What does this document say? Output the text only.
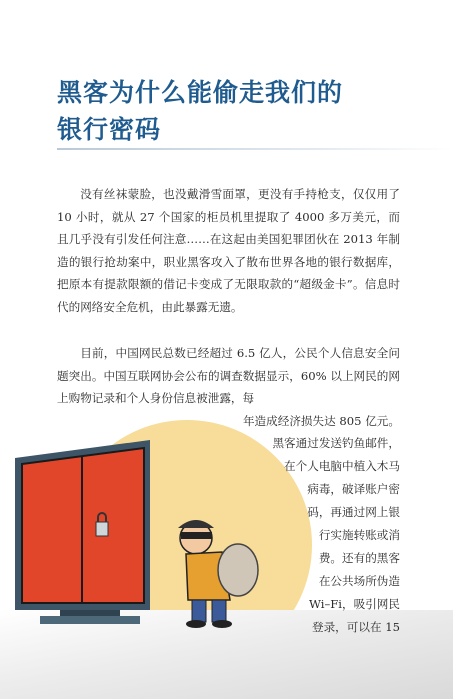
黑客为什么能偷走我们的
银行密码

没有丝袜蒙脸，也没戴滑雪面罩，更没有手持枪支，仅仅用了 10 小时，就从 27 个国家的柜员机里提取了 4000 多万美元，而且几乎没有引发任何注意……在这起由美国犯罪团伙在 2013 年制造的银行抢劫案中，职业黑客攻入了散布世界各地的银行数据库，把原本有提款限额的借记卡变成了无限取款的“超级金卡”。信息时代的网络安全危机，由此暴露无遗。

目前，中国网民总数已经超过 6.5 亿人，公民个人信息安全问题突出。中国互联网协会公布的调查数据显示，60% 以上网民的网上购物记录和个人身份信息被泄露，每

年造成经济损失达 805 亿元。

黑客通过发送钓鱼邮件，

在个人电脑中植入木马

病毒，破译账户密

码，再通过网上银

行实施转账或消

费。还有的黑客

在公共场所伪造

Wi–Fi，吸引网民

登录，可以在 15
